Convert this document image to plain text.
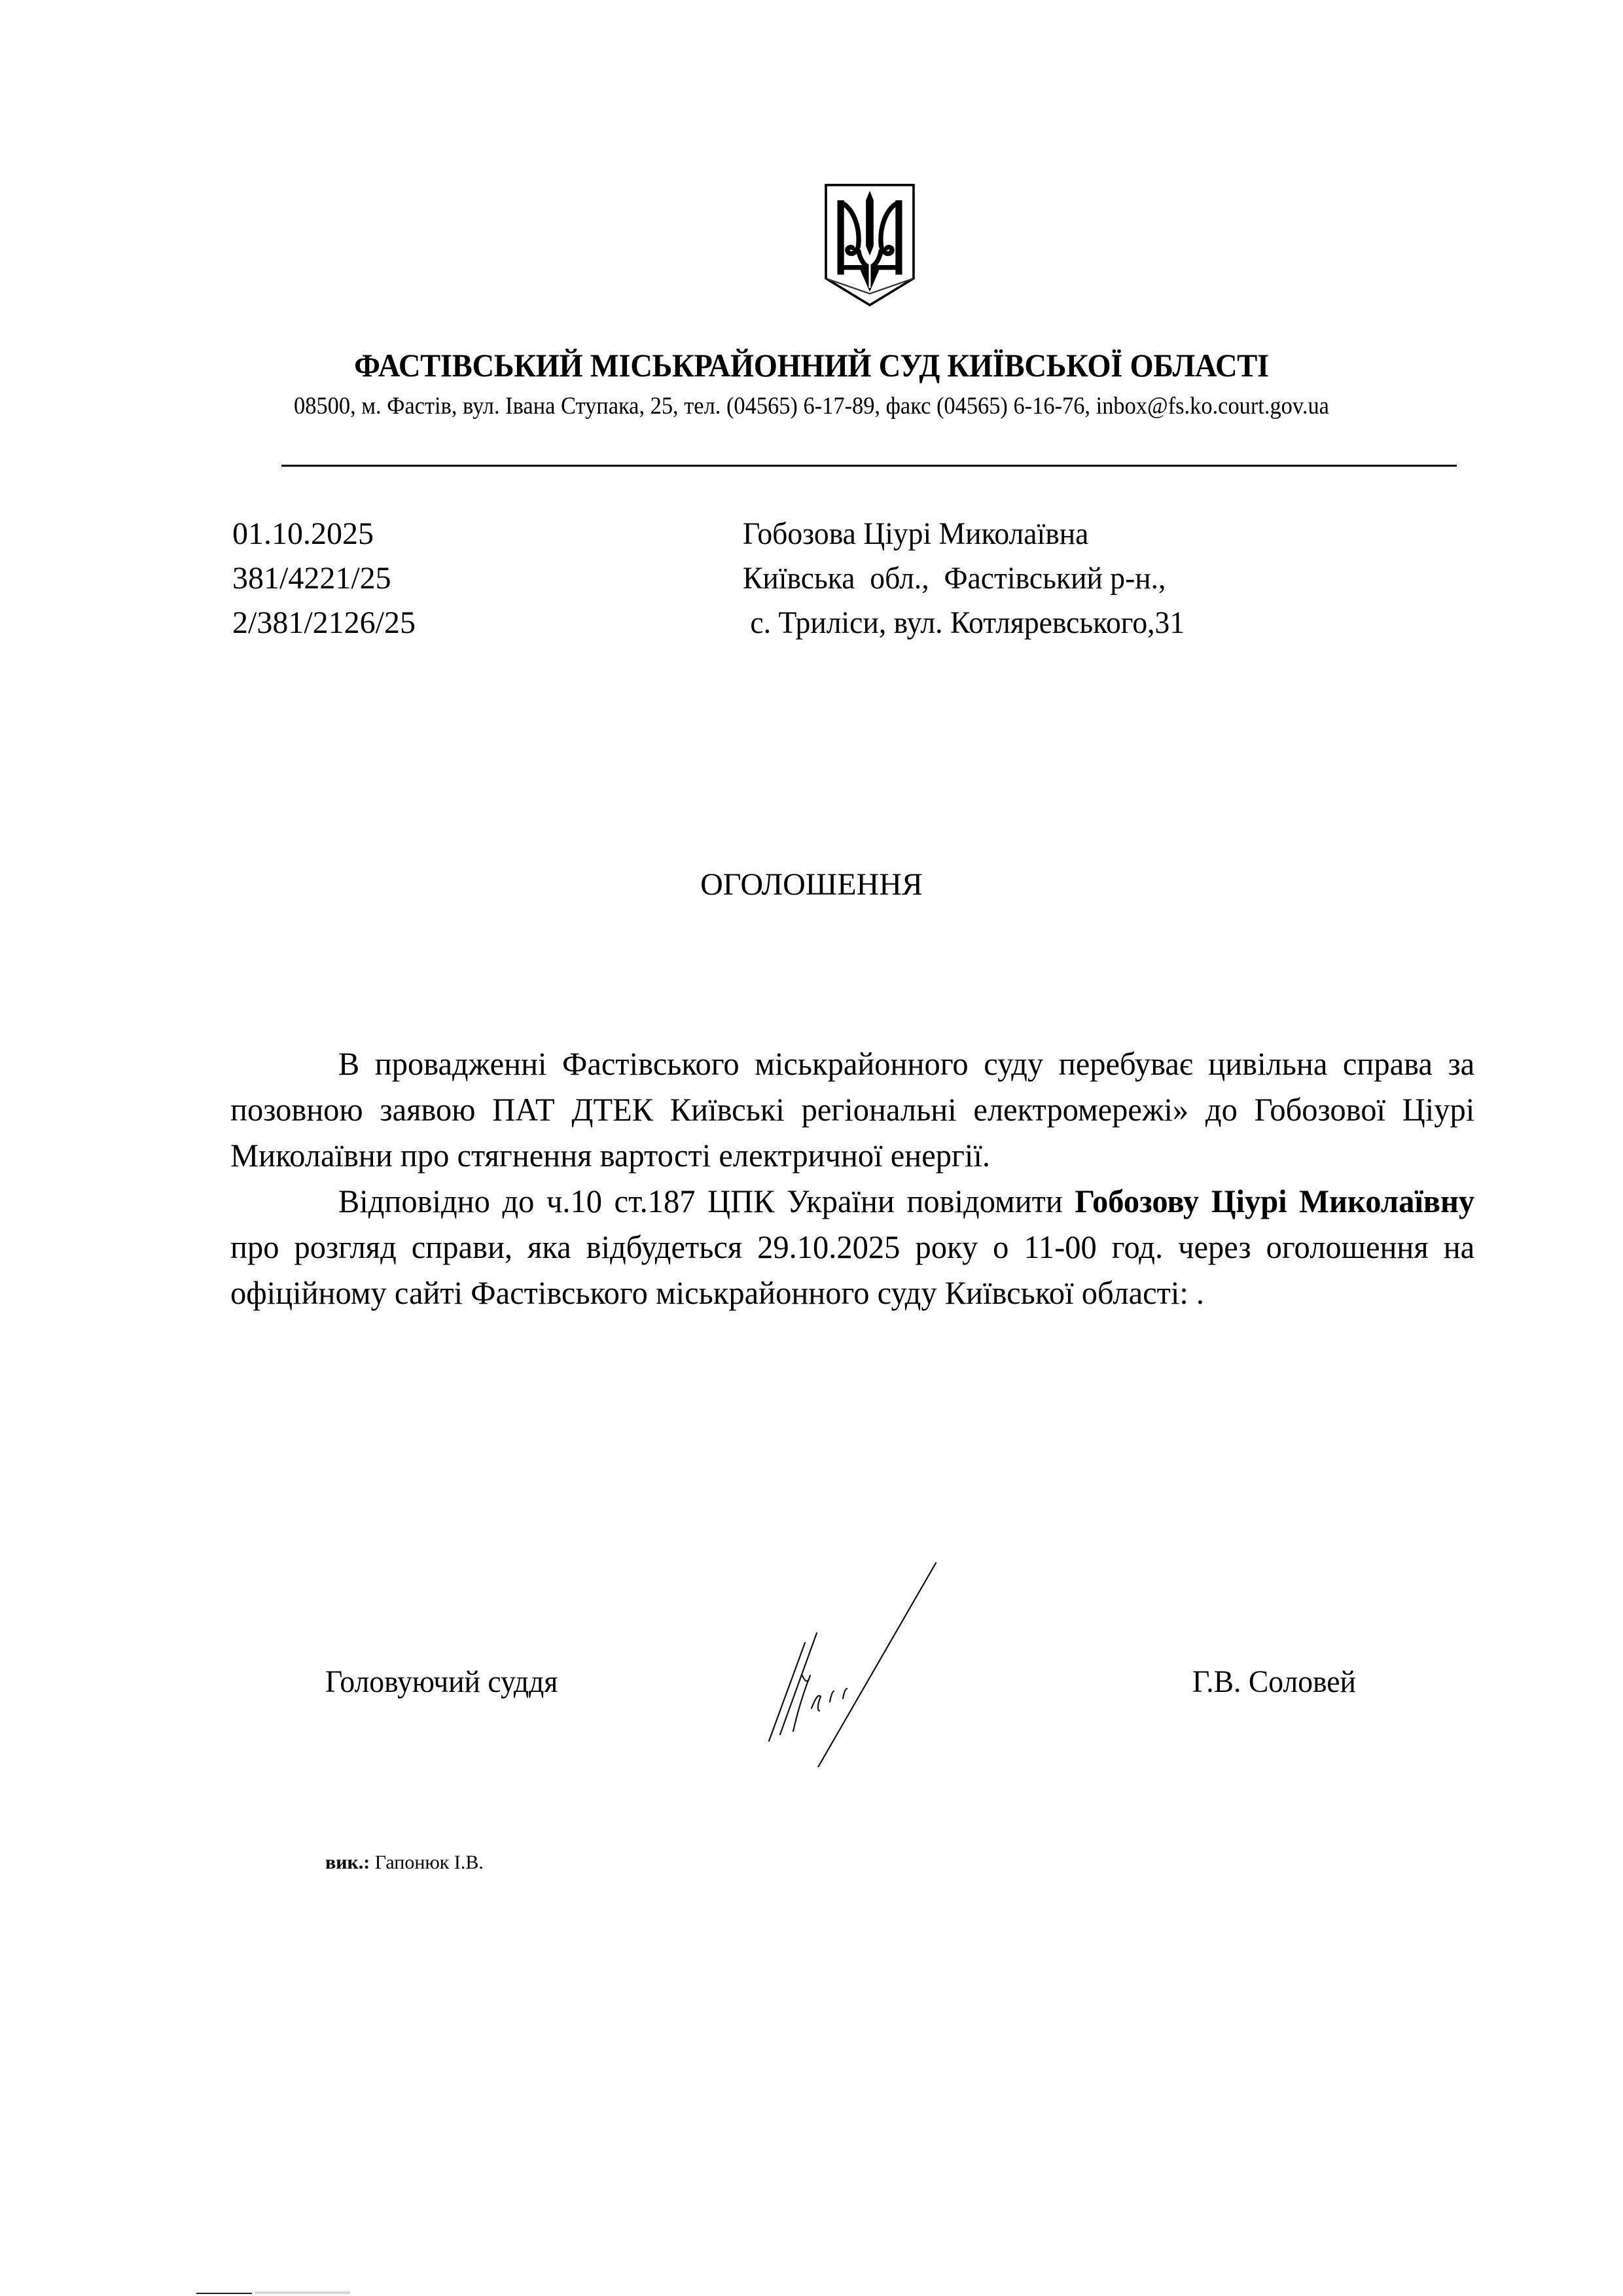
ФАСТІВСЬКИЙ МІСЬКРАЙОННИЙ СУД КИЇВСЬКОЇ ОБЛАСТІ
08500, м. Фастів, вул. Івана Ступака, 25, тел. (04565) 6-17-89, факс (04565) 6-16-76, inbox@fs.ko.court.gov.ua
01.10.2025
381/4221/25
2/381/2126/25
Гобозова Ціурі Миколаївна
Київська  обл.,  Фастівський р-н.,
с. Триліси, вул. Котляревського,31
ОГОЛОШЕННЯ

В провадженні Фастівського міськрайонного суду перебуває цивільна справа за позовною заявою ПАТ ДТЕК Київські регіональні електромережі» до Гобозової Ціурі Миколаївни про стягнення вартості електричної енергії.

Відповідно до ч.10 ст.187 ЦПК України повідомити Гобозову Ціурі Миколаївну про розгляд справи, яка відбудеться 29.10.2025 року о 11-00 год. через оголошення на офіційному сайті Фастівського міськрайонного суду Київської області: .

Головуючий суддя	Г.В. Соловей
вик.: Гапонюк І.В.
